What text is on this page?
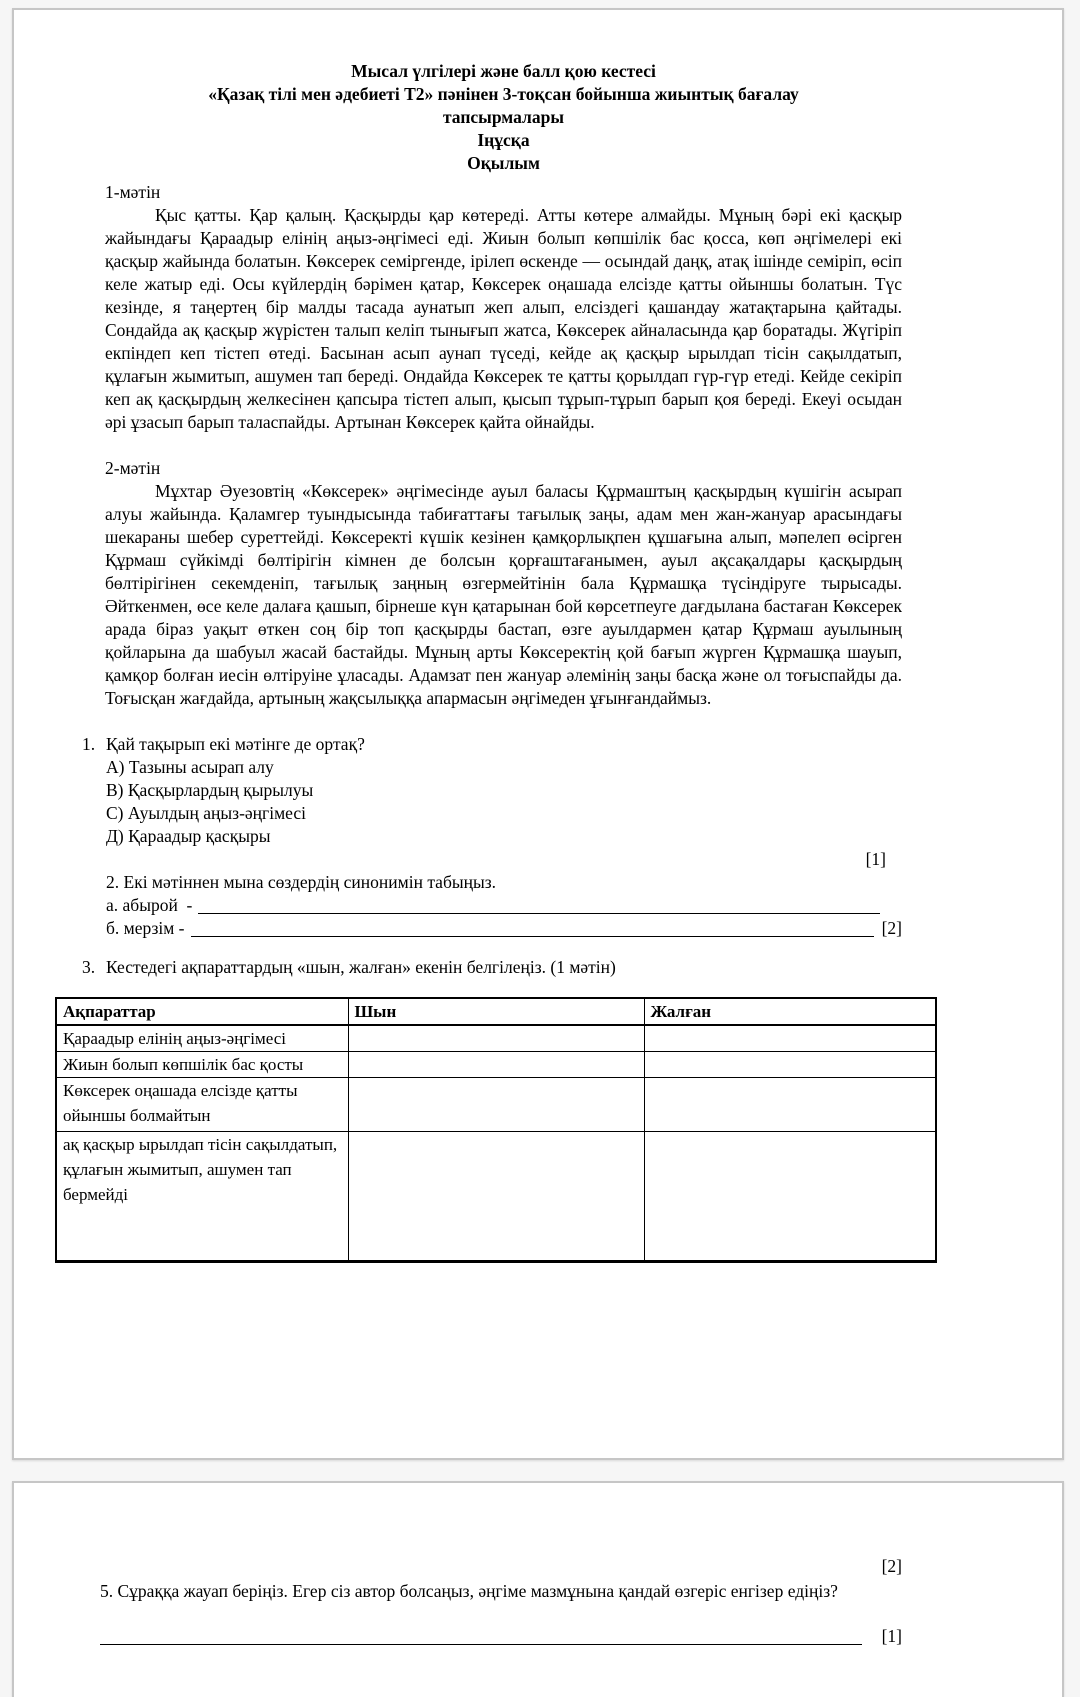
Мысал үлгілері және балл қою кестесі
«Қазақ тілі мен әдебиеті Т2» пәнінен 3-тоқсан бойынша жиынтық бағалау
тапсырмалары
Іңұсқа
Оқылым
1-мәтін

Қыс қатты. Қар қалың. Қасқырды қар көтереді. Атты көтере алмайды. Мұның бәрі екі қасқыр жайындағы Қараадыр елінің аңыз-әңгімесі еді. Жиын болып көпшілік бас қосса, көп әңгімелері екі қасқыр жайында болатын. Көксерек семіргенде, ірілеп өскенде — осындай даңқ, атақ ішінде семіріп, өсіп келе жатыр еді. Осы күйлердің бәрімен қатар, Көксерек оңашада елсізде қатты ойыншы болатын. Түс кезінде, я таңертең бір малды тасада аунатып жеп алып, елсіздегі қашандау жатақтарына қайтады. Сондайда ақ қасқыр жүрістен талып келіп тынығып жатса, Көксерек айналасында қар боратады. Жүгіріп екпіндеп кеп тістеп өтеді. Басынан асып аунап түседі, кейде ақ қасқыр ырылдап тісін сақылдатып, құлағын жымитып, ашумен тап береді. Ондайда Көксерек те қатты қорылдап гүр-гүр етеді. Кейде секіріп кеп ақ қасқырдың желкесінен қапсыра тістеп алып, қысып тұрып-тұрып барып қоя береді. Екеуі осыдан әрі ұзасып барып таласпайды. Артынан Көксерек қайта ойнайды.

2-мәтін

Мұхтар Әуезовтің «Көксерек» әңгімесінде ауыл баласы Құрмаштың қасқырдың күшігін асырап алуы жайында. Қаламгер туындысында табиғаттағы тағылық заңы, адам мен жан-жануар арасындағы шекараны шебер суреттейді. Көксеректі күшік кезінен қамқорлықпен құшағына алып, мәпелеп өсірген Құрмаш сүйкімді бөлтірігін кімнен де болсын қорғаштағанымен, ауыл ақсақалдары қасқырдың бөлтірігінен секемденіп, тағылық заңның өзгермейтінін бала Құрмашқа түсіндіруге тырысады. Әйткенмен, өсе келе далаға қашып, бірнеше күн қатарынан бой көрсетпеуге дағдылана бастаған Көксерек арада біраз уақыт өткен соң бір топ қасқырды бастап, өзге ауылдармен қатар Құрмаш ауылының қойларына да шабуыл жасай бастайды. Мұның арты Көксеректің қой бағып жүрген Құрмашқа шауып, қамқор болған иесін өлтіруіне ұласады. Адамзат пен жануар әлемінің заңы басқа және ол тоғыспайды да. Тоғысқан жағдайда, артының жақсылыққа апармасын әңгімеден ұғынғандаймыз.

1. Қай тақырып екі мәтінге де ортақ?
А) Тазыны асырап алу
В) Қасқырлардың қырылуы
С) Ауылдың аңыз-әңгімесі
Д) Қараадыр қасқыры
[1]
2. Екі мәтіннен мына сөздердің синонимін табыңыз.
а. абырой  -
б. мерзім -	[2]
3. Кестедегі ақпараттардың «шын, жалған» екенін белгілеңіз. (1 мәтін)
Ақпараттар	Шын	Жалған
Қараадыр елінің аңыз-әңгімесі		
Жиын болып көпшілік бас қосты		
Көксерек оңашада елсізде қатты ойыншы болмайтын		
ақ қасқыр ырылдап тісін сақылдатып, құлағын жымитып, ашумен тап бермейді		
[2]

5. Сұраққа жауап беріңіз. Егер сіз автор болсаңыз, әңгіме мазмұнына қандай өзгеріс енгізер едіңіз?

[1]
